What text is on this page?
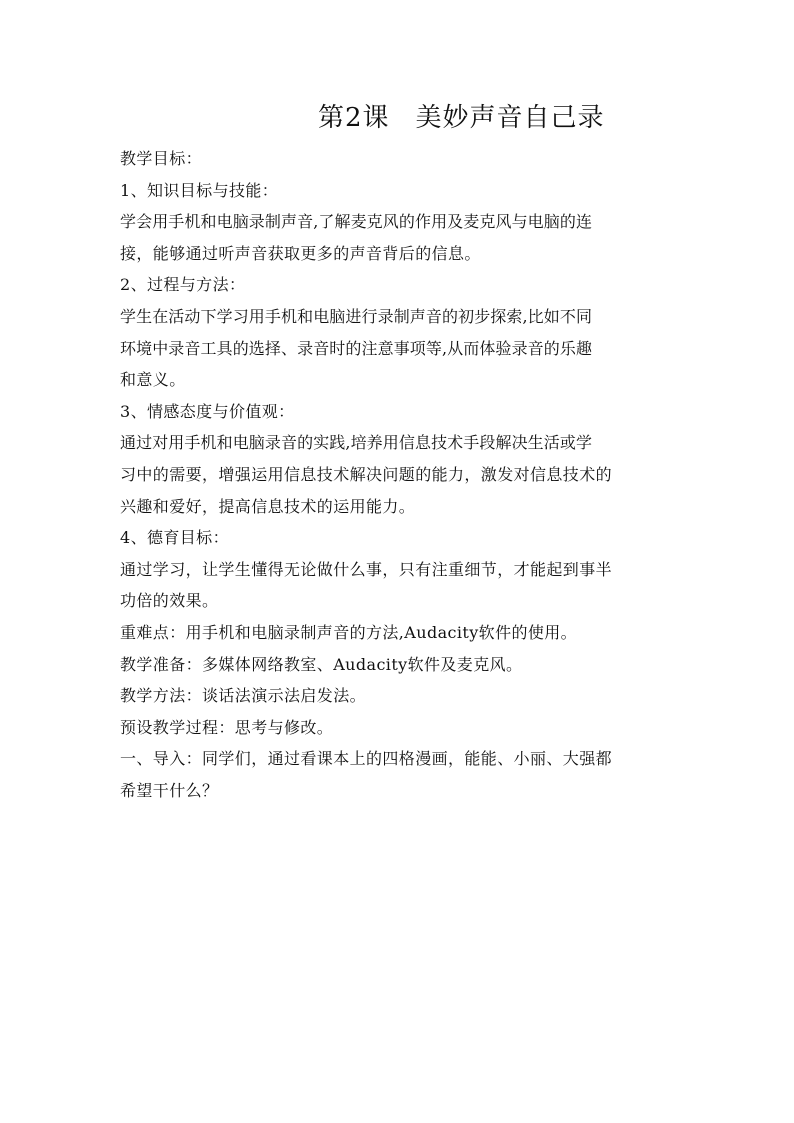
第2课 美妙声音自己录
教学目标：
1、知识目标与技能：
学会用手机和电脑录制声音,了解麦克风的作用及麦克风与电脑的连
接，能够通过听声音获取更多的声音背后的信息。
2、过程与方法：
学生在活动下学习用手机和电脑进行录制声音的初步探索,比如不同
环境中录音工具的选择、录音时的注意事项等,从而体验录音的乐趣
和意义。
3、情感态度与价值观：
通过对用手机和电脑录音的实践,培养用信息技术手段解决生活或学
习中的需要，增强运用信息技术解决问题的能力，激发对信息技术的
兴趣和爱好，提高信息技术的运用能力。
4、德育目标：
通过学习，让学生懂得无论做什么事，只有注重细节，才能起到事半
功倍的效果。
重难点：用手机和电脑录制声音的方法,Audacity软件的使用。
教学准备：多媒体网络教室、Audacity软件及麦克风。
教学方法：谈话法演示法启发法。
预设教学过程：思考与修改。
一、导入：同学们，通过看课本上的四格漫画，能能、小丽、大强都
希望干什么？
